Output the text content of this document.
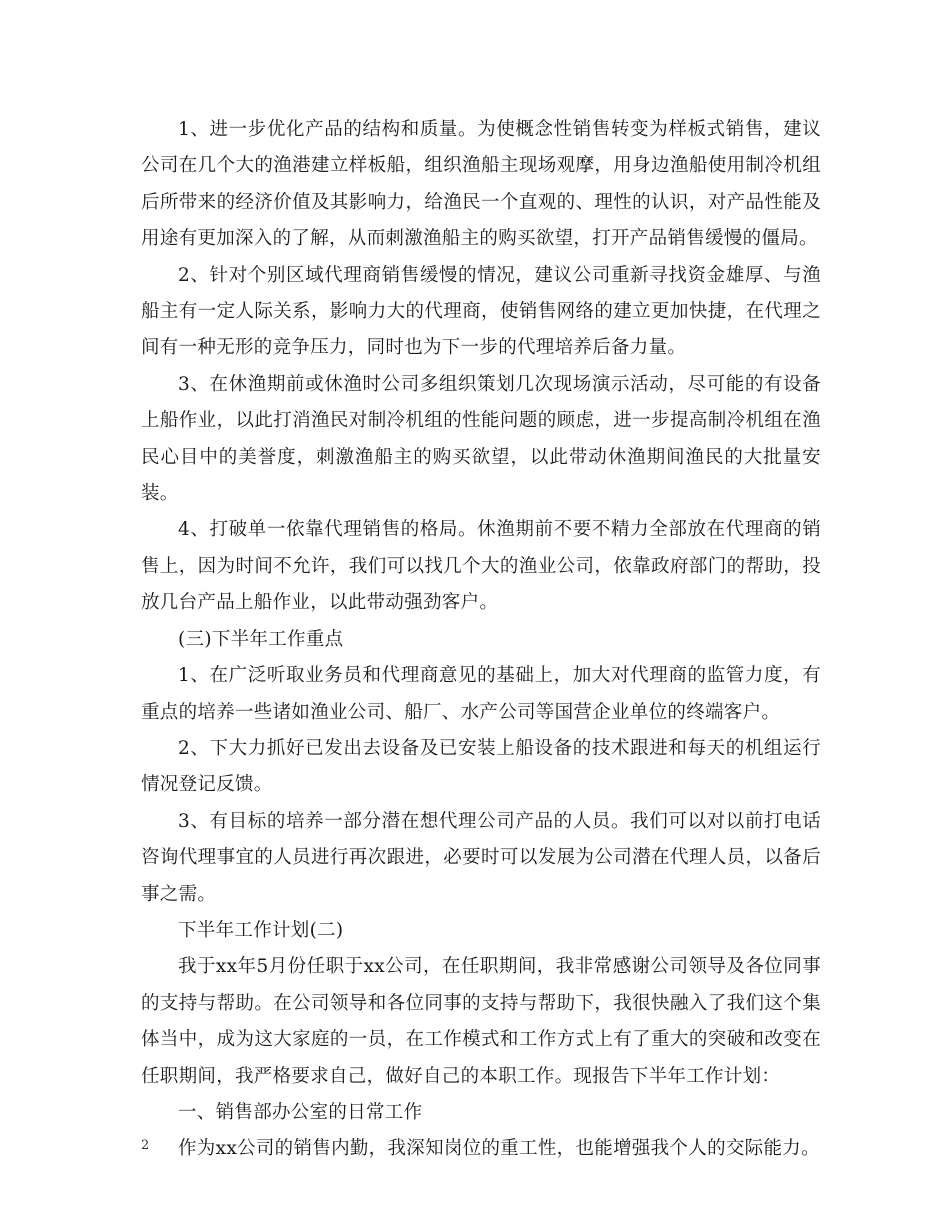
1、进一步优化产品的结构和质量。为使概念性销售转变为样板式销售，建议公司在几个大的渔港建立样板船，组织渔船主现场观摩，用身边渔船使用制冷机组后所带来的经济价值及其影响力，给渔民一个直观的、理性的认识，对产品性能及用途有更加深入的了解，从而刺激渔船主的购买欲望，打开产品销售缓慢的僵局。

2、针对个别区域代理商销售缓慢的情况，建议公司重新寻找资金雄厚、与渔船主有一定人际关系，影响力大的代理商，使销售网络的建立更加快捷，在代理之间有一种无形的竞争压力，同时也为下一步的代理培养后备力量。

3、在休渔期前或休渔时公司多组织策划几次现场演示活动，尽可能的有设备上船作业，以此打消渔民对制冷机组的性能问题的顾虑，进一步提高制冷机组在渔民心目中的美誉度，刺激渔船主的购买欲望，以此带动休渔期间渔民的大批量安装。

4、打破单一依靠代理销售的格局。休渔期前不要不精力全部放在代理商的销售上，因为时间不允许，我们可以找几个大的渔业公司，依靠政府部门的帮助，投放几台产品上船作业，以此带动强劲客户。

(三)下半年工作重点

1、在广泛听取业务员和代理商意见的基础上，加大对代理商的监管力度，有重点的培养一些诸如渔业公司、船厂、水产公司等国营企业单位的终端客户。

2、下大力抓好已发出去设备及已安装上船设备的技术跟进和每天的机组运行情况登记反馈。

3、有目标的培养一部分潜在想代理公司产品的人员。我们可以对以前打电话咨询代理事宜的人员进行再次跟进，必要时可以发展为公司潜在代理人员，以备后事之需。

下半年工作计划(二)

我于xx年5月份任职于xx公司，在任职期间，我非常感谢公司领导及各位同事的支持与帮助。在公司领导和各位同事的支持与帮助下，我很快融入了我们这个集体当中，成为这大家庭的一员，在工作模式和工作方式上有了重大的突破和改变在任职期间，我严格要求自己，做好自己的本职工作。现报告下半年工作计划：

一、销售部办公室的日常工作

作为xx公司的销售内勤，我深知岗位的重工性，也能增强我个人的交际能力。

2
